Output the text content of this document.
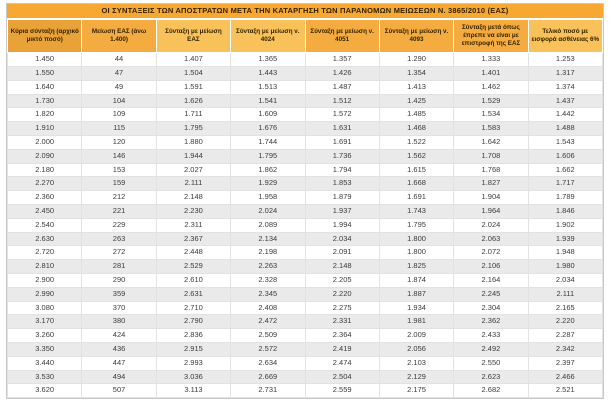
ΟΙ ΣΥΝΤΑΞΕΙΣ ΤΩΝ ΑΠΟΣΤΡΑΤΩΝ ΜΕΤΑ ΤΗΝ ΚΑΤΑΡΓΗΣΗ ΤΩΝ ΠΑΡΑΝΟΜΩΝ ΜΕΙΩΣΕΩΝ Ν. 3865/2010 (ΕΑΣ)
Κύρια σύνταξη (αρχικό μικτό ποσό)	Μείωση ΕΑΣ (άνω 1.400)	Σύνταξη με μείωση ΕΑΣ	Σύνταξη με μείωση ν. 4024	Σύνταξη με μείωση ν. 4051	Σύνταξη με μείωση ν. 4093	Σύνταξη μετά όπως έπρεπε να είναι με επιστροφή της ΕΑΣ	Τελικό ποσό με εισφορά ασθένειας 6%
1.450	44	1.407	1.365	1.357	1.290	1.333	1.253
1.550	47	1.504	1.443	1.426	1.354	1.401	1.317
1.640	49	1.591	1.513	1.487	1.413	1.462	1.374
1.730	104	1.626	1.541	1.512	1.425	1.529	1.437
1.820	109	1.711	1.609	1.572	1.485	1.534	1.442
1.910	115	1.795	1.676	1.631	1.468	1.583	1.488
2.000	120	1.880	1.744	1.691	1.522	1.642	1.543
2.090	146	1.944	1.795	1.736	1.562	1.708	1.606
2.180	153	2.027	1.862	1.794	1.615	1.768	1.662
2.270	159	2.111	1.929	1.853	1.668	1.827	1.717
2.360	212	2.148	1.958	1.879	1.691	1.904	1.789
2.450	221	2.230	2.024	1.937	1.743	1.964	1.846
2.540	229	2.311	2.089	1.994	1.795	2.024	1.902
2.630	263	2.367	2.134	2.034	1.800	2.063	1.939
2.720	272	2.448	2.198	2.091	1.800	2.072	1.948
2.810	281	2.529	2.263	2.148	1.825	2.106	1.980
2.900	290	2.610	2.328	2.205	1.874	2.164	2.034
2.990	359	2.631	2.345	2.220	1.887	2.245	2.111
3.080	370	2.710	2.408	2.275	1.934	2.304	2.165
3.170	380	2.790	2.472	2.331	1.981	2.362	2.220
3.260	424	2.836	2.509	2.364	2.009	2.433	2.287
3.350	436	2.915	2.572	2.419	2.056	2.492	2.342
3.440	447	2.993	2.634	2.474	2.103	2.550	2.397
3.530	494	3.036	2.669	2.504	2.129	2.623	2.466
3.620	507	3.113	2.731	2.559	2.175	2.682	2.521
